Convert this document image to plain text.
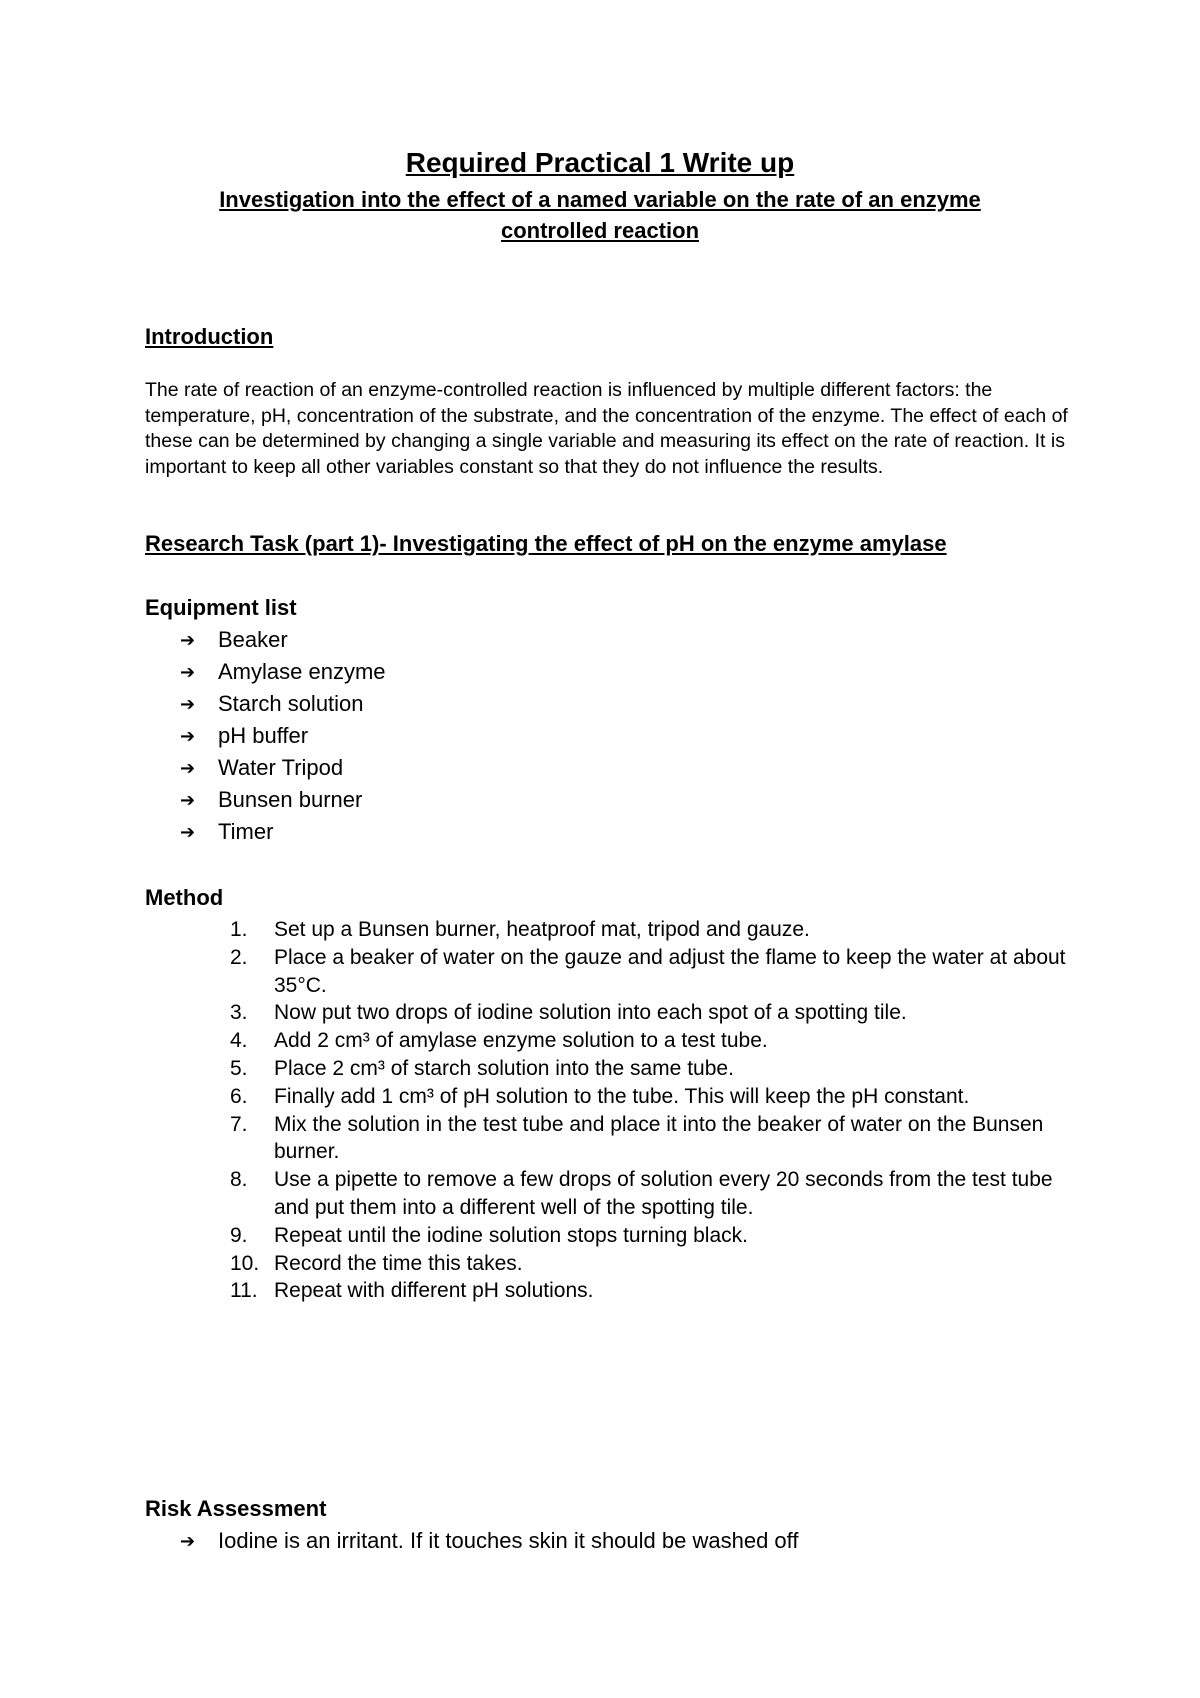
Required Practical 1 Write up
Investigation into the effect of a named variable on the rate of an enzyme controlled reaction
Introduction

The rate of reaction of an enzyme-controlled reaction is influenced by multiple different factors: the temperature, pH, concentration of the substrate, and the concentration of the enzyme. The effect of each of these can be determined by changing a single variable and measuring its effect on the rate of reaction. It is important to keep all other variables constant so that they do not influence the results.

Research Task (part 1)- Investigating the effect of pH on the enzyme amylase
Equipment list
➔	Beaker
➔	Amylase enzyme
➔	Starch solution
➔	pH buffer
➔	Water Tripod
➔	Bunsen burner
➔	Timer
Method
1.	Set up a Bunsen burner, heatproof mat, tripod and gauze.
2.	Place a beaker of water on the gauze and adjust the flame to keep the water at about 35°C.
3.	Now put two drops of iodine solution into each spot of a spotting tile.
4.	Add 2 cm³ of amylase enzyme solution to a test tube.
5.	Place 2 cm³ of starch solution into the same tube.
6.	Finally add 1 cm³ of pH solution to the tube. This will keep the pH constant.
7.	Mix the solution in the test tube and place it into the beaker of water on the Bunsen burner.
8.	Use a pipette to remove a few drops of solution every 20 seconds from the test tube and put them into a different well of the spotting tile.
9.	Repeat until the iodine solution stops turning black.
10. Record the time this takes.
11. Repeat with different pH solutions.
Risk Assessment
➔	Iodine is an irritant. If it touches skin it should be washed off
